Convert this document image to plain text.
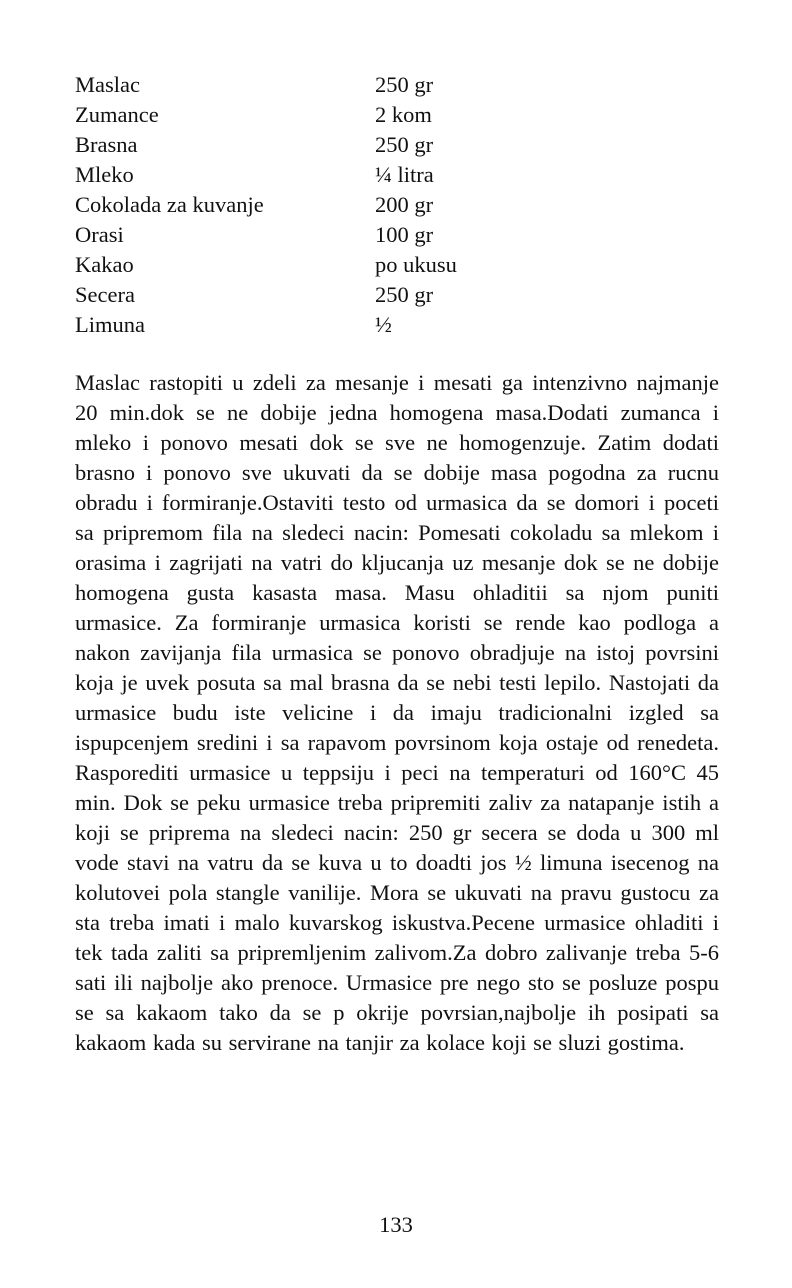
Maslac	250 gr
Zumance	2 kom
Brasna	250 gr
Mleko	¼ litra
Cokolada za kuvanje	200 gr
Orasi	100 gr
Kakao	po ukusu
Secera	250 gr
Limuna	½
Maslac rastopiti u zdeli za mesanje i mesati ga intenzivno najmanje 20 min.dok se ne dobije jedna homogena masa.Dodati zumanca i mleko i ponovo mesati dok se sve ne homogenzuje. Zatim dodati brasno i ponovo sve ukuvati da se dobije masa pogodna za rucnu obradu i formiranje.Ostaviti testo od urmasica da se domori i poceti sa pripremom fila na sledeci nacin: Pomesati cokoladu sa mlekom i orasima i zagrijati na vatri do kljucanja uz mesanje dok se ne dobije homogena gusta kasasta masa. Masu ohladitii sa njom puniti urmasice. Za formiranje urmasica koristi se rende kao podloga a nakon zavijanja fila urmasica se ponovo obradjuje na istoj povrsini koja je uvek posuta sa mal brasna da se nebi testi lepilo. Nastojati da urmasice budu iste velicine i da imaju tradicionalni izgled sa ispupcenjem sredini i sa rapavom povrsinom koja ostaje od renedeta. Rasporediti urmasice u teppsiju i peci na temperaturi od 160°C 45 min. Dok se peku urmasice treba pripremiti zaliv za natapanje istih a koji se priprema na sledeci nacin: 250 gr secera se doda u 300 ml vode stavi na vatru da se kuva u to doadti jos ½ limuna isecenog na kolutovei pola stangle vanilije. Mora se ukuvati na pravu gustocu za sta treba imati i malo kuvarskog iskustva.Pecene urmasice ohladiti i tek tada zaliti sa pripremljenim zalivom.Za dobro zalivanje treba 5-6 sati ili najbolje ako prenoce. Urmasice pre nego sto se posluze pospu se sa kakaom tako da se p okrije povrsian,najbolje ih posipati sa kakaom kada su servirane na tanjir za kolace koji se sluzi gostima.
133
